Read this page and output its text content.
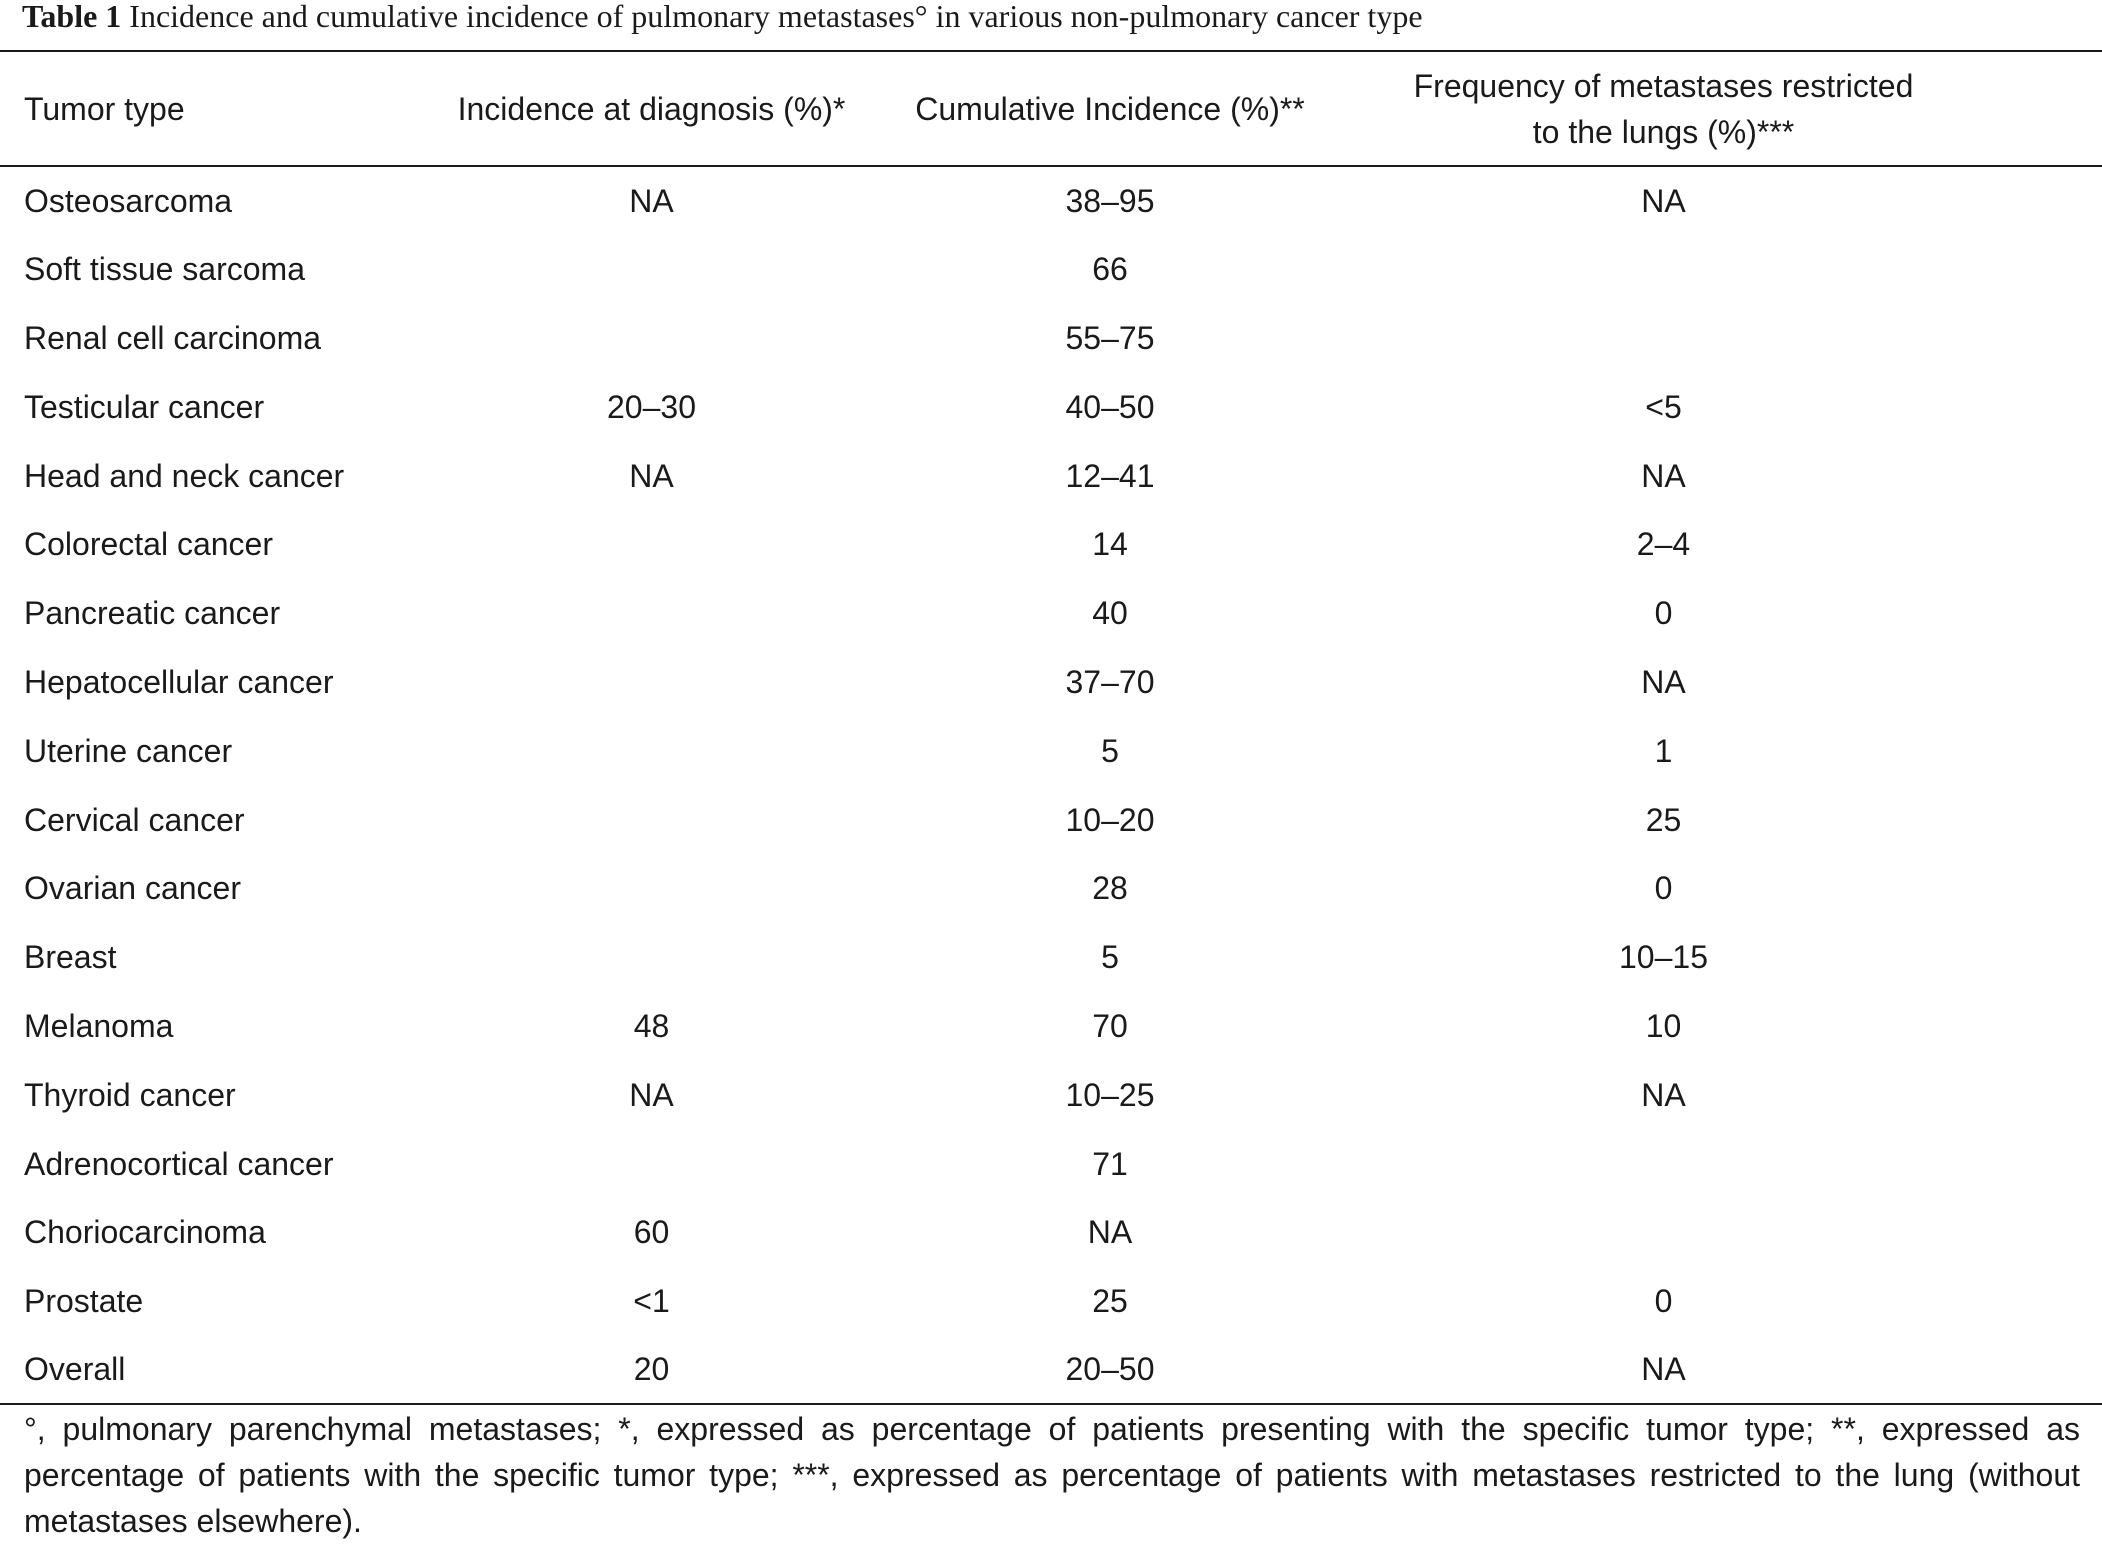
Table 1 Incidence and cumulative incidence of pulmonary metastases° in various non-pulmonary cancer type
Tumor type	Incidence at diagnosis (%)*	Cumulative Incidence (%)**	Frequency of metastases restricted
to the lungs (%)***
Osteosarcoma	NA	38–95	NA
Soft tissue sarcoma		66	
Renal cell carcinoma		55–75	
Testicular cancer	20–30	40–50	<5
Head and neck cancer	NA	12–41	NA
Colorectal cancer		14	2–4
Pancreatic cancer		40	0
Hepatocellular cancer		37–70	NA
Uterine cancer		5	1
Cervical cancer		10–20	25
Ovarian cancer		28	0
Breast		5	10–15
Melanoma	48	70	10
Thyroid cancer	NA	10–25	NA
Adrenocortical cancer		71	
Choriocarcinoma	60	NA	
Prostate	<1	25	0
Overall	20	20–50	NA
°, pulmonary parenchymal metastases; *, expressed as percentage of patients presenting with the specific tumor type; **, expressed as percentage of patients with the specific tumor type; ***, expressed as percentage of patients with metastases restricted to the lung (without metastases elsewhere).
